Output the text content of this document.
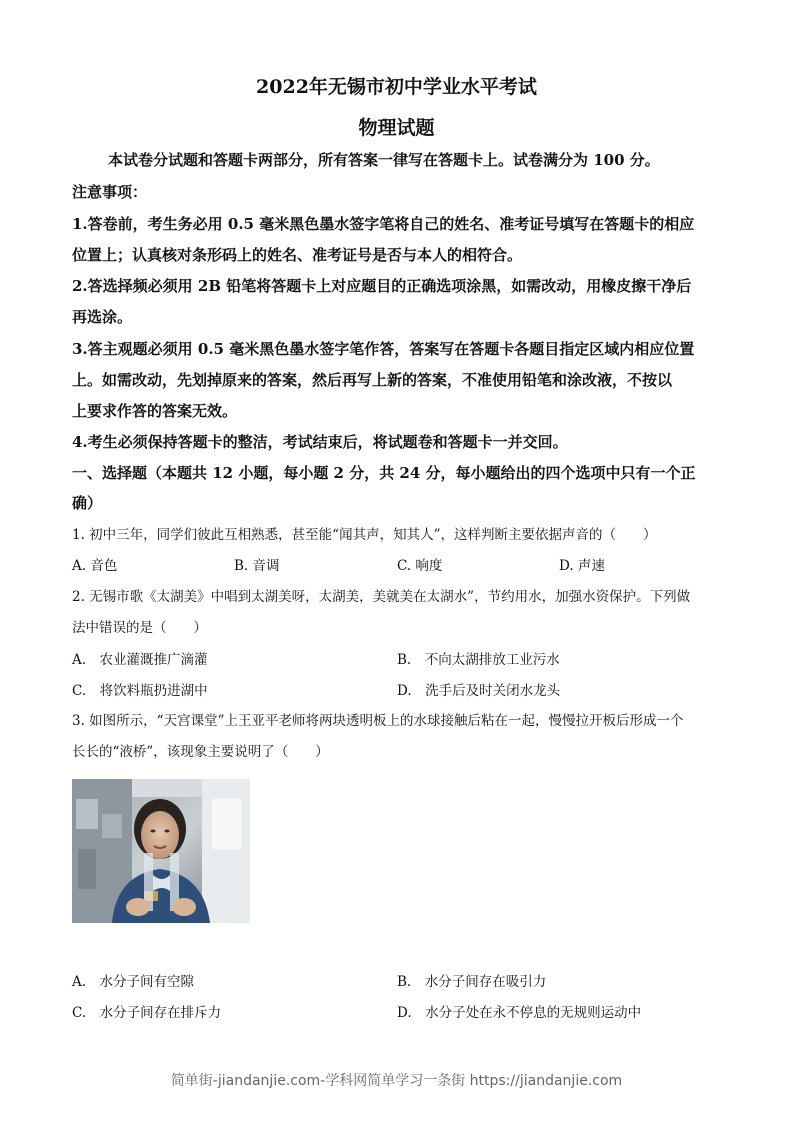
2022年无锡市初中学业水平考试
物理试题
本试卷分试题和答题卡两部分，所有答案一律写在答题卡上。试卷满分为 100 分。
注意事项：
1.答卷前，考生务必用 0.5 毫米黑色墨水签字笔将自己的姓名、准考证号填写在答题卡的相应
位置上；认真核对条形码上的姓名、准考证号是否与本人的相符合。
2.答选择频必须用 2B 铅笔将答题卡上对应题目的正确选项涂黑，如需改动，用橡皮擦干净后
再选涂。
3.答主观题必须用 0.5 毫米黑色墨水签字笔作答，答案写在答题卡各题目指定区域内相应位置
上。如需改动，先划掉原来的答案，然后再写上新的答案，不准使用铅笔和涂改液，不按以
上要求作答的答案无效。
4.考生必须保持答题卡的整洁，考试结束后，将试题卷和答题卡一并交回。
一、选择题（本题共 12 小题，每小题 2 分，共 24 分，每小题给出的四个选项中只有一个正
确）
1. 初中三年，同学们彼此互相熟悉，甚至能“闻其声，知其人”，这样判断主要依据声音的（　　）
A. 音色	B. 音调	C. 响度	D. 声速
2. 无锡市歌《太湖美》中唱到太湖美呀，太湖美，美就美在太湖水”，节约用水，加强水资保护。下列做
法中错误的是（　　）
A.　农业灌溉推广滴灌	B.　不向太湖排放工业污水
C.　将饮料瓶扔进湖中	D.　洗手后及时关闭水龙头
3. 如图所示，“天宫课堂”上王亚平老师将两块透明板上的水球接触后粘在一起，慢慢拉开板后形成一个
长长的“液桥”，该现象主要说明了（　　）
A.　水分子间有空隙	B.　水分子间存在吸引力
C.　水分子间存在排斥力	D.　水分子处在永不停息的无规则运动中
简单街-jiandanjie.com-学科网简单学习一条街 https://jiandanjie.com
